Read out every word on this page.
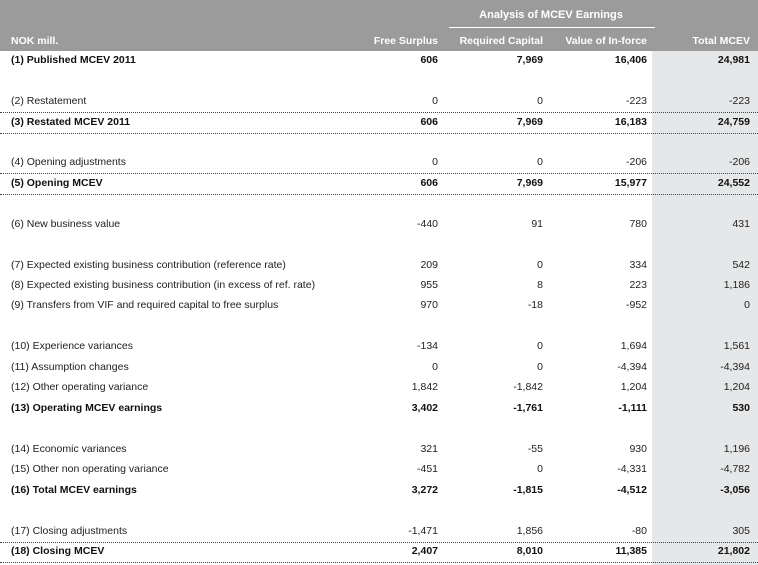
Analysis of MCEV Earnings
NOK mill.	Free Surplus	Required Capital	Value of In-force	Total MCEV
(1) Published MCEV 2011	606	7,969	16,406	24,981
(2) Restatement	0	0	-223	-223
(3) Restated MCEV 2011	606	7,969	16,183	24,759
(4) Opening adjustments	0	0	-206	-206
(5) Opening MCEV	606	7,969	15,977	24,552
(6) New business value	-440	91	780	431
(7) Expected existing business contribution (reference rate)	209	0	334	542
(8) Expected existing business contribution (in excess of ref. rate)	955	8	223	1,186
(9) Transfers from VIF and required capital to free surplus	970	-18	-952	0
(10) Experience variances	-134	0	1,694	1,561
(11) Assumption changes	0	0	-4,394	-4,394
(12) Other operating variance	1,842	-1,842	1,204	1,204
(13) Operating MCEV earnings	3,402	-1,761	-1,111	530
(14) Economic variances	321	-55	930	1,196
(15) Other non operating variance	-451	0	-4,331	-4,782
(16) Total MCEV earnings	3,272	-1,815	-4,512	-3,056
(17) Closing adjustments	-1,471	1,856	-80	305
(18) Closing MCEV	2,407	8,010	11,385	21,802
